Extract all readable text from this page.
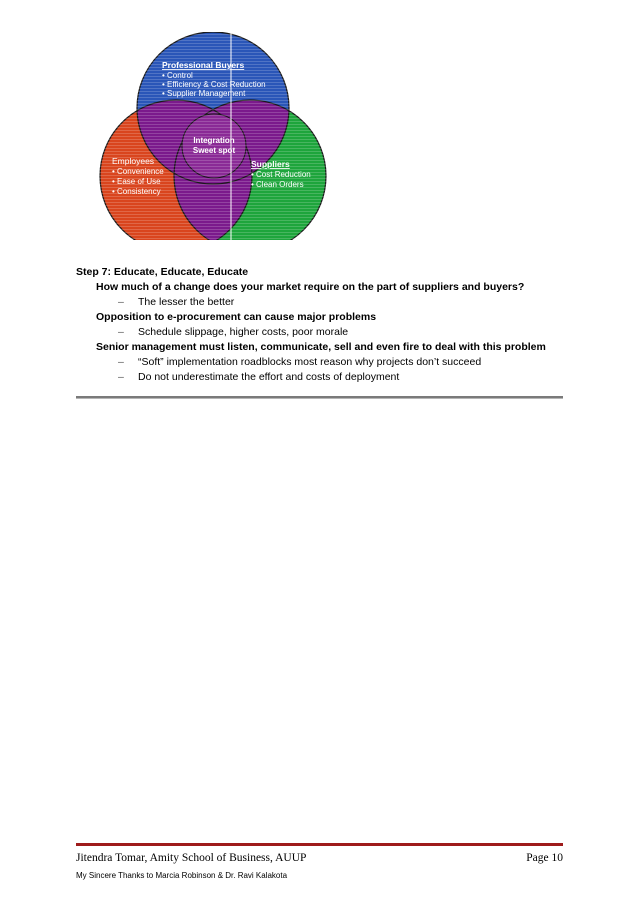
Professional Buyers
• Control
• Efficiency & Cost Reduction
• Supplier Management
Integration
Sweet spot
Employees
• Convenience
• Ease of Use
• Consistency
Suppliers
• Cost Reduction
• Clean Orders

Step 7: Educate, Educate, Educate

How much of a change does your market require on the part of suppliers and buyers?
– The lesser the better
Opposition to e-procurement can cause major problems
– Schedule slippage, higher costs, poor morale
Senior management must listen, communicate, sell and even fire to deal with this problem
– “Soft” implementation roadblocks most reason why projects don’t succeed
– Do not underestimate the effort and costs of deployment
Jitendra Tomar, Amity School of Business, AUUP	Page 10
My Sincere Thanks to Marcia Robinson & Dr. Ravi Kalakota
